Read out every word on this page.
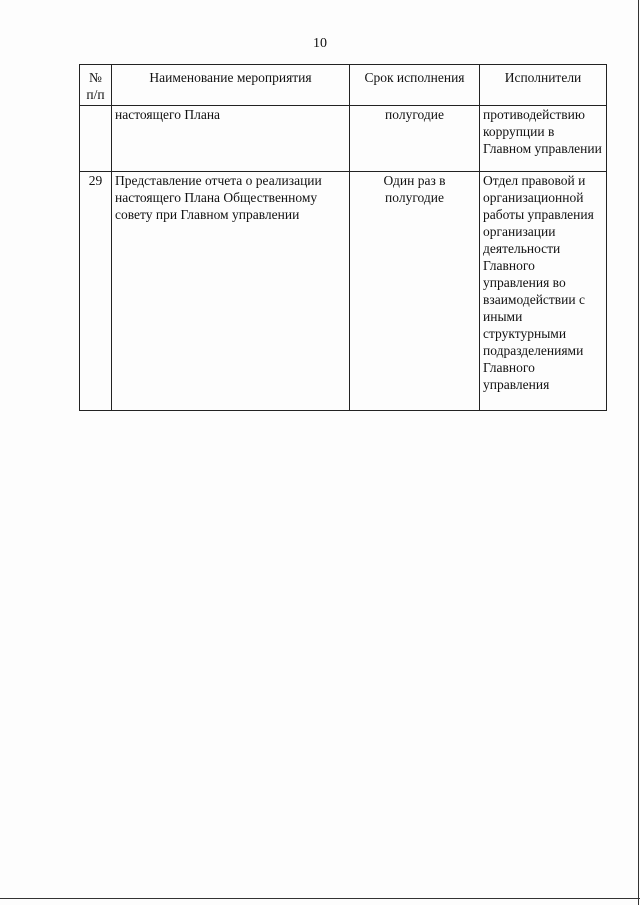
10
№ п/п	Наименование мероприятия	Срок исполнения	Исполнители
	настоящего Плана	полугодие	противодействию коррупции в Главном управлении
29	Представление отчета о реализации настоящего Плана Общественному совету при Главном управлении	Один раз в полугодие	Отдел правовой и организационной работы управления организации деятельности Главного управления во взаимодействии с иными структурными подразделениями Главного управления
